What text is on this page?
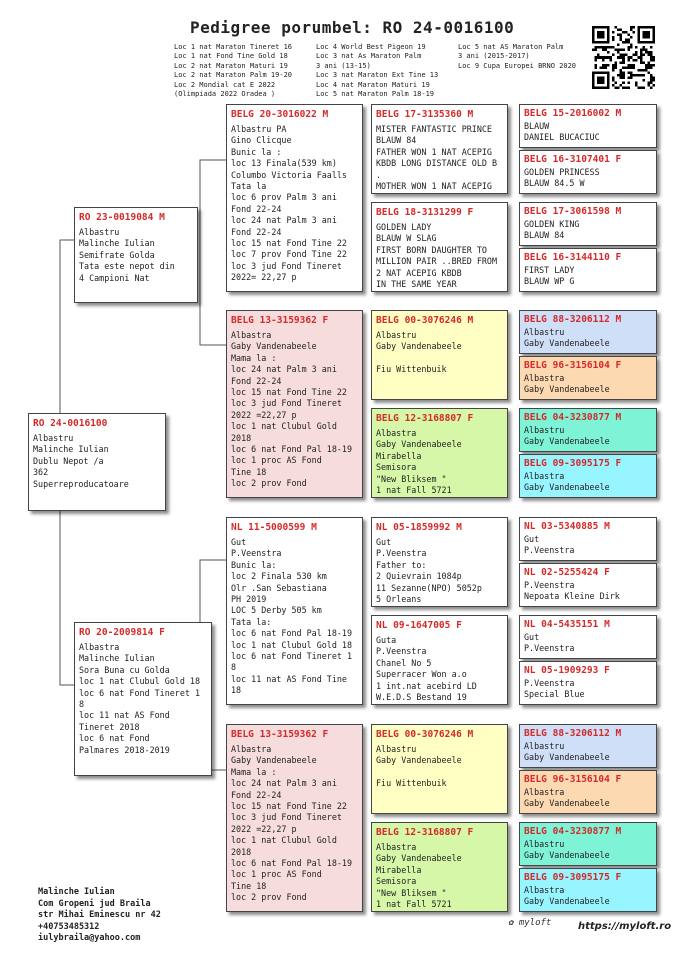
Pedigree porumbel: RO 24-0016100
Loc 1 nat Maraton Tineret 16
Loc 1 nat Fond Tine Gold 18
Loc 2 nat Maraton Maturi 19
Loc 2 nat Maraton Palm 19-20
Loc 2 Mondial cat E 2022
(Olimpiada 2022 Oradea )
Loc 4 World Best Pigeon 19
Loc 3 nat As Maraton Palm
3 ani (13-15)
Loc 3 nat Maraton Ext Tine 13
Loc 4 nat Maraton Maturi 19
Loc 5 nat Maraton Palm 18-19
Loc 5 nat AS Maraton Palm
3 ani (2015-2017)
Loc 9 Cupa Europei BRNO 2020
RO 24-0016100
Albastru
Malinche Iulian
Dublu Nepot /a
362
Superreproducatoare
RO 23-0019084 M
Albastru
Malinche Iulian
Semifrate Golda
Tata este nepot din
4 Campioni Nat
RO 20-2009814 F
Albastra
Malinche Iulian
Sora Buna cu Golda
loc 1 nat Clubul Gold 18
loc 6 nat Fond Tineret 1
8
loc 11 nat AS Fond
Tineret 2018
loc 6 nat Fond
Palmares 2018-2019
BELG 20-3016022 M
Albastru PA
Gino Clicque
Bunic la :
loc 13 Finala(539 km)
Columbo Victoria Faalls
Tata la
loc 6 prov Palm 3 ani
Fond 22-24
loc 24 nat Palm 3 ani
Fond 22-24
loc 15 nat Fond Tine 22
loc 7 prov Fond Tine 22
loc 3 jud Fond Tineret
2022= 22,27 p
BELG 13-3159362 F
Albastra
Gaby Vandenabeele
Mama la :
loc 24 nat Palm 3 ani
Fond 22-24
loc 15 nat Fond Tine 22
loc 3 jud Fond Tineret
2022 =22,27 p
loc 1 nat Clubul Gold
2018
loc 6 nat Fond Pal 18-19
loc 1 proc AS Fond
Tine 18
loc 2 prov Fond
NL 11-5000599 M
Gut
P.Veenstra
Bunic la:
loc 2 Finala 530 km
Olr .San Sebastiana
PH 2019
LOC 5 Derby 505 km
Tata la:
loc 6 nat Fond Pal 18-19
loc 1 nat Clubul Gold 18
loc 6 nat Fond Tineret 1
8
loc 11 nat AS Fond Tine
18
BELG 13-3159362 F
Albastra
Gaby Vandenabeele
Mama la :
loc 24 nat Palm 3 ani
Fond 22-24
loc 15 nat Fond Tine 22
loc 3 jud Fond Tineret
2022 =22,27 p
loc 1 nat Clubul Gold
2018
loc 6 nat Fond Pal 18-19
loc 1 proc AS Fond
Tine 18
loc 2 prov Fond
BELG 17-3135360 M
MISTER FANTASTIC PRINCE
BLAUW 84
FATHER WON 1 NAT ACEPIG
KBDB LONG DISTANCE OLD B
.
MOTHER WON 1 NAT ACEPIG
BELG 18-3131299 F
GOLDEN LADY
BLAUW W SLAG
FIRST BORN DAUGHTER TO
MILLION PAIR ..BRED FROM
2 NAT ACEPIG KBDB
IN THE SAME YEAR
BELG 00-3076246 M
Albastru
Gaby Vandenabeele

Fiu Wittenbuik
BELG 12-3168807 F
Albastra
Gaby Vandenabeele
Mirabella
Semisora
"New Bliksem "
1 nat Fall 5721
NL 05-1859992 M
Gut
P.Veenstra
Father to:
2 Quievrain 1084p
11 Sezanne(NPO) 5052p
5 Orleans
NL 09-1647005 F
Guta
P.Veenstra
Chanel No 5
Superracer Won a.o
1 int.nat acebird LD
W.E.D.S Bestand 19
BELG 00-3076246 M
Albastru
Gaby Vandenabeele

Fiu Wittenbuik
BELG 12-3168807 F
Albastra
Gaby Vandenabeele
Mirabella
Semisora
"New Bliksem "
1 nat Fall 5721
BELG 15-2016002 M
BLAUW
DANIEL BUCACIUC
BELG 16-3107401 F
GOLDEN PRINCESS
BLAUW 84.5 W
BELG 17-3061598 M
GOLDEN KING
BLAUW 84
BELG 16-3144110 F
FIRST LADY
BLAUW WP G
BELG 88-3206112 M
Albastru
Gaby Vandenabeele
BELG 96-3156104 F
Albastra
Gaby Vandenabeele
BELG 04-3230877 M
Albastru
Gaby Vandenabeele
BELG 09-3095175 F
Albastra
Gaby Vandenabeele
NL 03-5340885 M
Gut
P.Veenstra
NL 02-5255424 F
P.Veenstra
Nepoata Kleine Dirk
NL 04-5435151 M
Gut
P.Veenstra
NL 05-1909293 F
P.Veenstra
Special Blue
BELG 88-3206112 M
Albastru
Gaby Vandenabeele
BELG 96-3156104 F
Albastra
Gaby Vandenabeele
BELG 04-3230877 M
Albastru
Gaby Vandenabeele
BELG 09-3095175 F
Albastra
Gaby Vandenabeele
Malinche Iulian
Com Gropeni jud Braila
str Mihai Eminescu nr 42
+40753485312
iulybraila@yahoo.com
✿ myloft	https://myloft.ro
